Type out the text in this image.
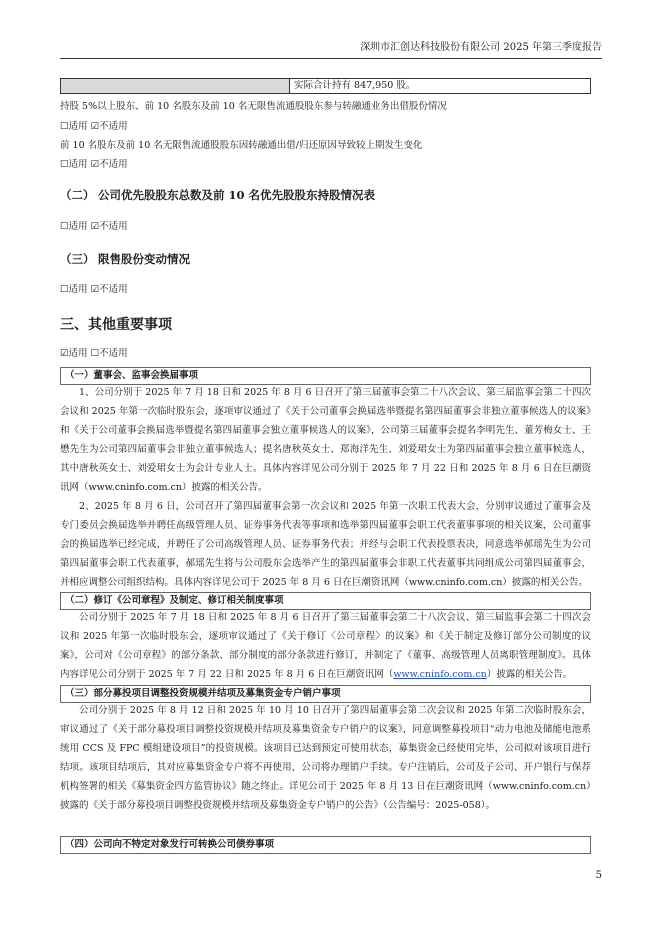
深圳市汇创达科技股份有限公司 2025 年第三季度报告
实际合计持有 847,950 股。
持股 5%以上股东、前 10 名股东及前 10 名无限售流通股股东参与转融通业务出借股份情况
☐适用 ☑不适用
前 10 名股东及前 10 名无限售流通股股东因转融通出借/归还原因导致较上期发生变化
☐适用 ☑不适用
（二） 公司优先股股东总数及前 10 名优先股股东持股情况表
☐适用 ☑不适用
（三） 限售股份变动情况
☐适用 ☑不适用
三、其他重要事项
☑适用 ☐不适用
（一）董事会、监事会换届事项

1、公司分别于 2025 年 7 月 18 日和 2025 年 8 月 6 日召开了第三届董事会第二十八次会议、第三届监事会第二十四次会议和 2025 年第一次临时股东会，逐项审议通过了《关于公司董事会换届选举暨提名第四届董事会非独立董事候选人的议案》和《关于公司董事会换届选举暨提名第四届董事会独立董事候选人的议案》，公司第三届董事会提名李明先生、董芳梅女士、王懋先生为公司第四届董事会非独立董事候选人；提名唐秋英女士、郑海洋先生、刘爱珺女士为第四届董事会独立董事候选人，其中唐秋英女士、刘爱珺女士为会计专业人士。具体内容详见公司分别于 2025 年 7 月 22 日和 2025 年 8 月 6 日在巨潮资讯网（www.cninfo.com.cn）披露的相关公告。

2、2025 年 8 月 6 日，公司召开了第四届董事会第一次会议和 2025 年第一次职工代表大会，分别审议通过了董事会及专门委员会换届选举并聘任高级管理人员、证券事务代表等事项和选举第四届董事会职工代表董事事项的相关议案，公司董事会的换届选举已经完成，并聘任了公司高级管理人员、证券事务代表；并经与会职工代表投票表决，同意选举郝瑶先生为公司第四届董事会职工代表董事，郝瑶先生将与公司股东会选举产生的第四届董事会非职工代表董事共同组成公司第四届董事会，并相应调整公司组织结构。具体内容详见公司于 2025 年 8 月 6 日在巨潮资讯网（www.cninfo.com.cn）披露的相关公告。

（二）修订《公司章程》及制定、修订相关制度事项

公司分别于 2025 年 7 月 18 日和 2025 年 8 月 6 日召开了第三届董事会第二十八次会议、第三届监事会第二十四次会议和 2025 年第一次临时股东会，逐项审议通过了《关于修订〈公司章程〉的议案》和《关于制定及修订部分公司制度的议案》，公司对《公司章程》的部分条款、部分制度的部分条款进行修订，并制定了《董事、高级管理人员离职管理制度》。具体内容详见公司分别于 2025 年 7 月 22 日和 2025 年 8 月 6 日在巨潮资讯网（www.cninfo.com.cn）披露的相关公告。

（三）部分募投项目调整投资规模并结项及募集资金专户销户事项

公司分别于 2025 年 8 月 12 日和 2025 年 10 月 10 日召开了第四届董事会第二次会议和 2025 年第二次临时股东会，审议通过了《关于部分募投项目调整投资规模并结项及募集资金专户销户的议案》，同意调整募投项目“动力电池及储能电池系统用 CCS 及 FPC 模组建设项目”的投资规模。该项目已达到预定可使用状态，募集资金已经使用完毕，公司拟对该项目进行结项。该项目结项后，其对应募集资金专户将不再使用，公司将办理销户手续。专户注销后，公司及子公司、开户银行与保荐机构签署的相关《募集资金四方监管协议》随之终止。详见公司于 2025 年 8 月 13 日在巨潮资讯网（www.cninfo.com.cn）披露的《关于部分募投项目调整投资规模并结项及募集资金专户销户的公告》（公告编号：2025-058）。

（四）公司向不特定对象发行可转换公司债券事项
5
